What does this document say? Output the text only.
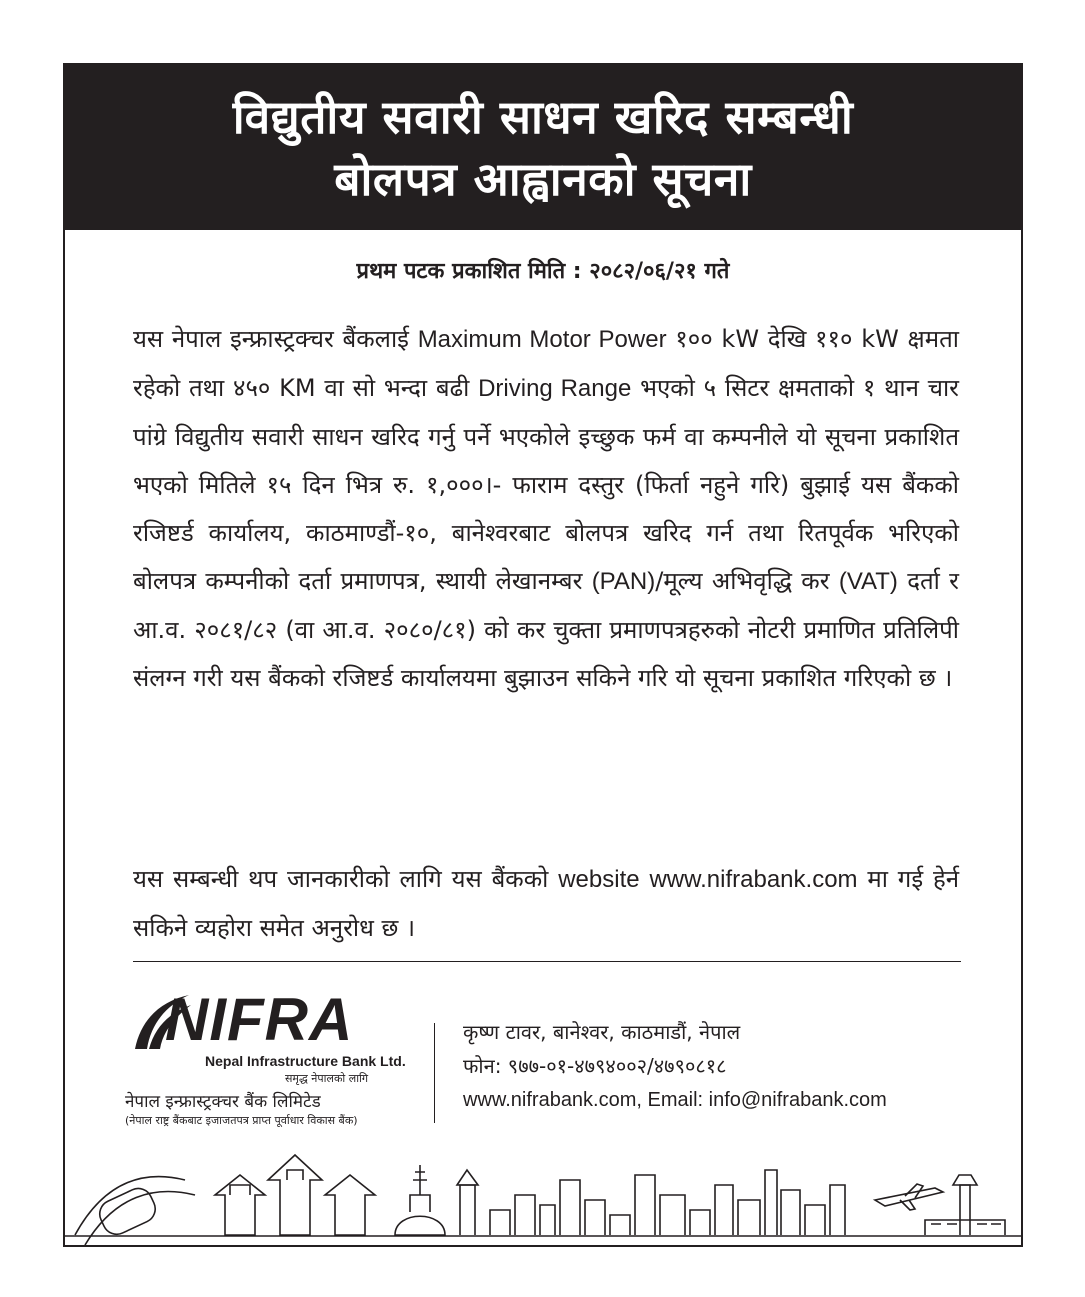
विद्युतीय सवारी साधन खरिद सम्बन्धी
बोलपत्र आह्वानको सूचना
प्रथम पटक प्रकाशित मिति : २०८२/०६/२१ गते
यस नेपाल इन्फ्रास्ट्रक्चर बैंकलाई Maximum Motor Power १०० kW देखि ११० kW क्षमता रहेको तथा ४५० KM वा सो भन्दा बढी Driving Range भएको ५ सिटर क्षमताको १ थान चार पांग्रे विद्युतीय सवारी साधन खरिद गर्नु पर्ने भएकोले इच्छुक फर्म वा कम्पनीले यो सूचना प्रकाशित भएको मितिले १५ दिन भित्र रु. १,०००।- फाराम दस्तुर (फिर्ता नहुने गरि) बुझाई यस बैंकको रजिष्टर्ड कार्यालय, काठमाण्डौं-१०, बानेश्वरबाट बोलपत्र खरिद गर्न तथा रितपूर्वक भरिएको बोलपत्र कम्पनीको दर्ता प्रमाणपत्र, स्थायी लेखानम्बर (PAN)/मूल्य अभिवृद्धि कर (VAT) दर्ता र आ.व. २०८१/८२ (वा आ.व. २०८०/८१) को कर चुक्ता प्रमाणपत्रहरुको नोटरी प्रमाणित प्रतिलिपी संलग्न गरी यस बैंकको रजिष्टर्ड कार्यालयमा बुझाउन सकिने गरि यो सूचना प्रकाशित गरिएको छ ।
यस सम्बन्धी थप जानकारीको लागि यस बैंकको website www.nifrabank.com मा गई हेर्न सकिने व्यहोरा समेत अनुरोध छ ।
NIFRA
Nepal Infrastructure Bank Ltd.
समृद्ध नेपालको लागि
नेपाल इन्फ्रास्ट्रक्चर बैंक लिमिटेड
(नेपाल राष्ट्र बैंकबाट इजाजतपत्र प्राप्त पूर्वाधार विकास बैंक)
कृष्ण टावर, बानेश्वर, काठमाडौं, नेपाल
फोन: ९७७-०१-४७९४००२/४७९०८१८
www.nifrabank.com, Email: info@nifrabank.com
